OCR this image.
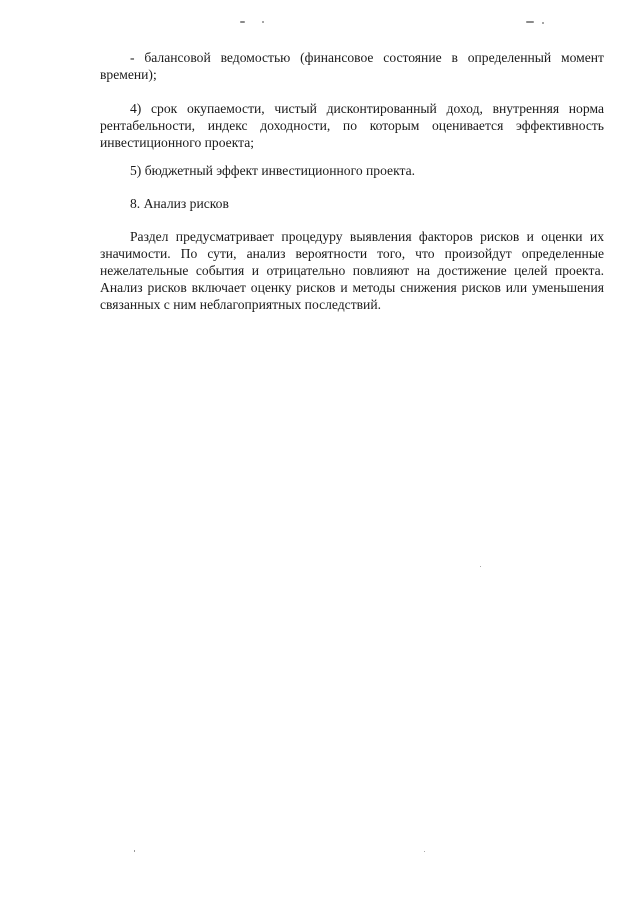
- балансовой ведомостью (финансовое состояние в определенный момент времени);

4) срок окупаемости, чистый дисконтированный доход, внутренняя норма рентабельности, индекс доходности, по которым оценивается эффективность инвестиционного проекта;

5) бюджетный эффект инвестиционного проекта.

8. Анализ рисков

Раздел предусматривает процедуру выявления факторов рисков и оценки их значимости. По сути, анализ вероятности того, что произойдут определенные нежелательные события и отрицательно повлияют на достижение целей проекта. Анализ рисков включает оценку рисков и методы снижения рисков или уменьшения связанных с ним неблагоприятных последствий.
